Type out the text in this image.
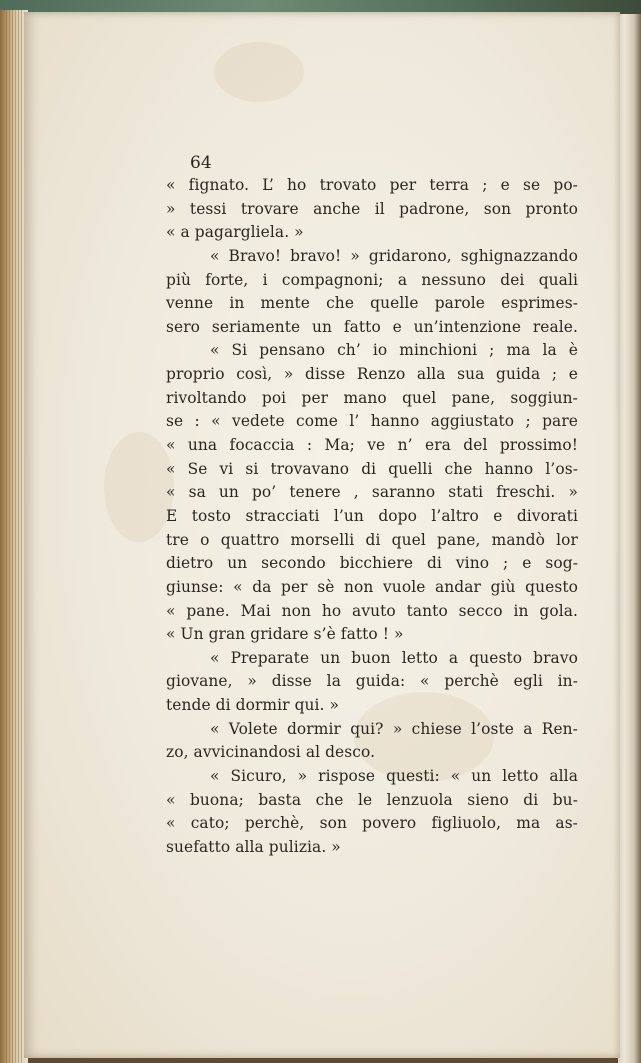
64
« fignato. L’ ho trovato per terra ; e se po-
» tessi trovare anche il padrone, son pronto
« a pagargliela. »
« Bravo! bravo! » gridarono, sghignazzando
più forte, i compagnoni; a nessuno dei quali
venne in mente che quelle parole esprimes-
sero seriamente un fatto e un’intenzione reale.
« Si pensano ch’ io minchioni ; ma la è
proprio così, » disse Renzo alla sua guida ; e
rivoltando poi per mano quel pane, soggiun-
se : « vedete come l’ hanno aggiustato ; pare
« una focaccia : Ma; ve n’ era del prossimo!
« Se vi si trovavano di quelli che hanno l’os-
« sa un po’ tenere , saranno stati freschi. »
E tosto stracciati l’un dopo l’altro e divorati
tre o quattro morselli di quel pane, mandò lor
dietro un secondo bicchiere di vino ; e sog-
giunse: « da per sè non vuole andar giù questo
« pane. Mai non ho avuto tanto secco in gola.
« Un gran gridare s’è fatto ! »
« Preparate un buon letto a questo bravo
giovane, » disse la guida: « perchè egli in-
tende di dormir qui. »
« Volete dormir qui? » chiese l’oste a Ren-
zo, avvicinandosi al desco.
« Sicuro, » rispose questi: « un letto alla
« buona; basta che le lenzuola sieno di bu-
« cato; perchè, son povero figliuolo, ma as-
suefatto alla pulizia. »
